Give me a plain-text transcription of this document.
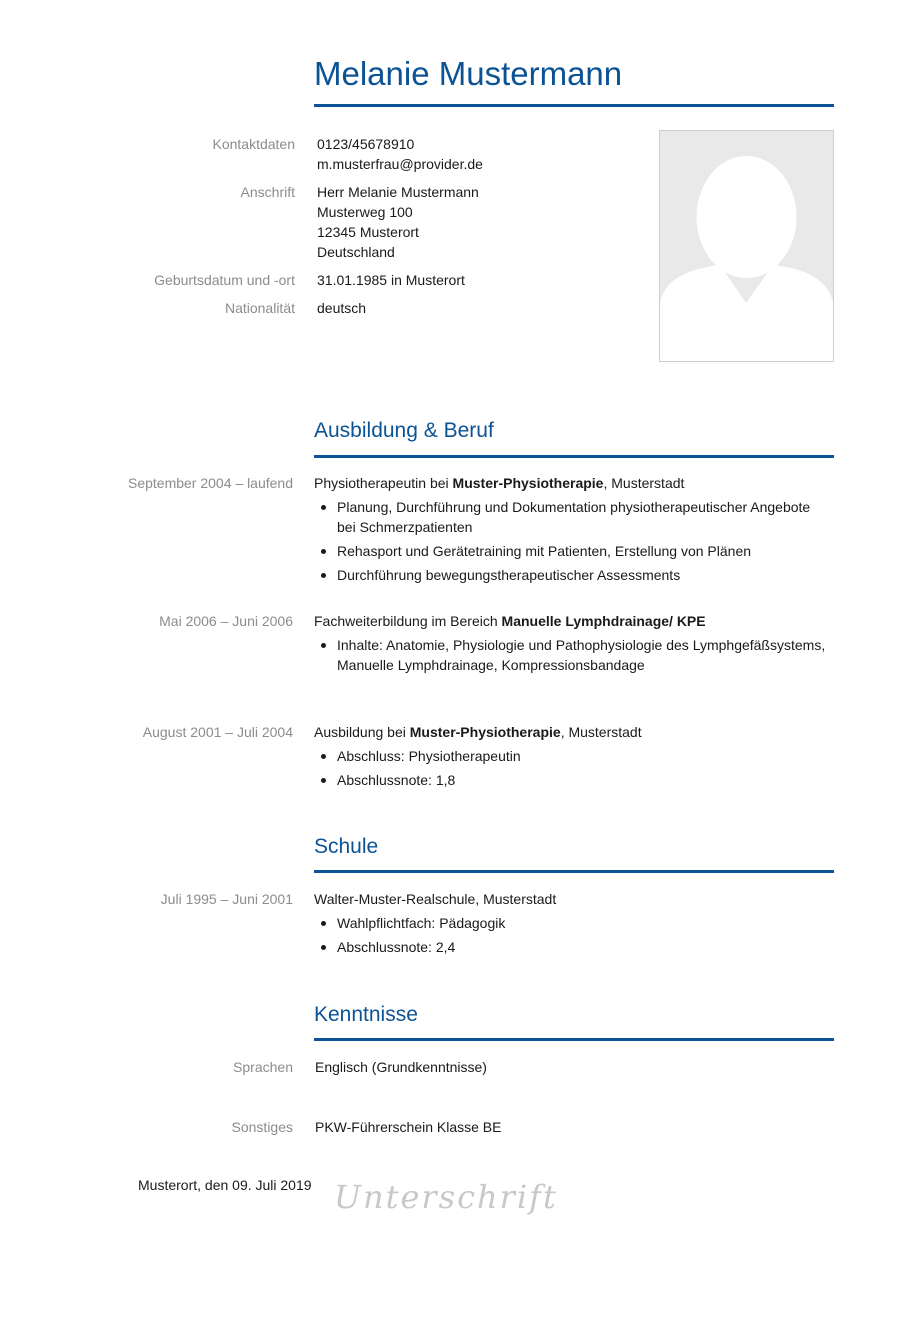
Melanie Mustermann
Kontaktdaten 0123/45678910
m.musterfrau@provider.de
Anschrift Herr Melanie Mustermann
Musterweg 100
12345 Musterort
Deutschland
Geburtsdatum und -ort 31.01.1985 in Musterort
Nationalität deutsch
Ausbildung & Beruf
September 2004 – laufend Physiotherapeutin bei Muster-Physiotherapie, Musterstadt
Planung, Durchführung und Dokumentation physiotherapeutischer Angebote bei Schmerzpatienten
Rehasport und Gerätetraining mit Patienten, Erstellung von Plänen
Durchführung bewegungstherapeutischer Assessments
Mai 2006 – Juni 2006 Fachweiterbildung im Bereich Manuelle Lymphdrainage/ KPE
Inhalte: Anatomie, Physiologie und Pathophysiologie des Lymphgefäßsystems, Manuelle Lymphdrainage, Kompressionsbandage
August 2001 – Juli 2004 Ausbildung bei Muster-Physiotherapie, Musterstadt
Abschluss: Physiotherapeutin
Abschlussnote: 1,8
Schule
Juli 1995 – Juni 2001 Walter-Muster-Realschule, Musterstadt
Wahlpflichtfach: Pädagogik
Abschlussnote: 2,4
Kenntnisse
Sprachen Englisch (Grundkenntnisse)
Sonstiges PKW-Führerschein Klasse BE
Musterort, den 09. Juli 2019 Unterschrift
